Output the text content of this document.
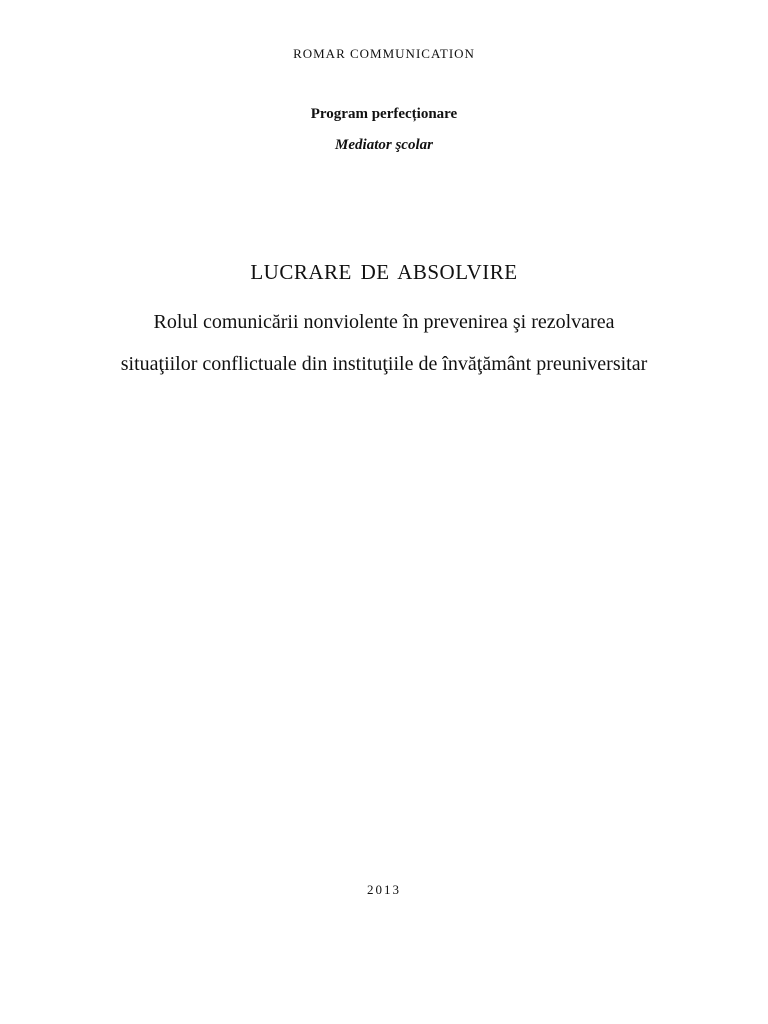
ROMAR COMMUNICATION
Program perfecționare
Mediator şcolar
LUCRARE DE ABSOLVIRE
Rolul comunicării nonviolente în prevenirea şi rezolvarea
situaţiilor conflictuale din instituţiile de învăţământ preuniversitar
2013
